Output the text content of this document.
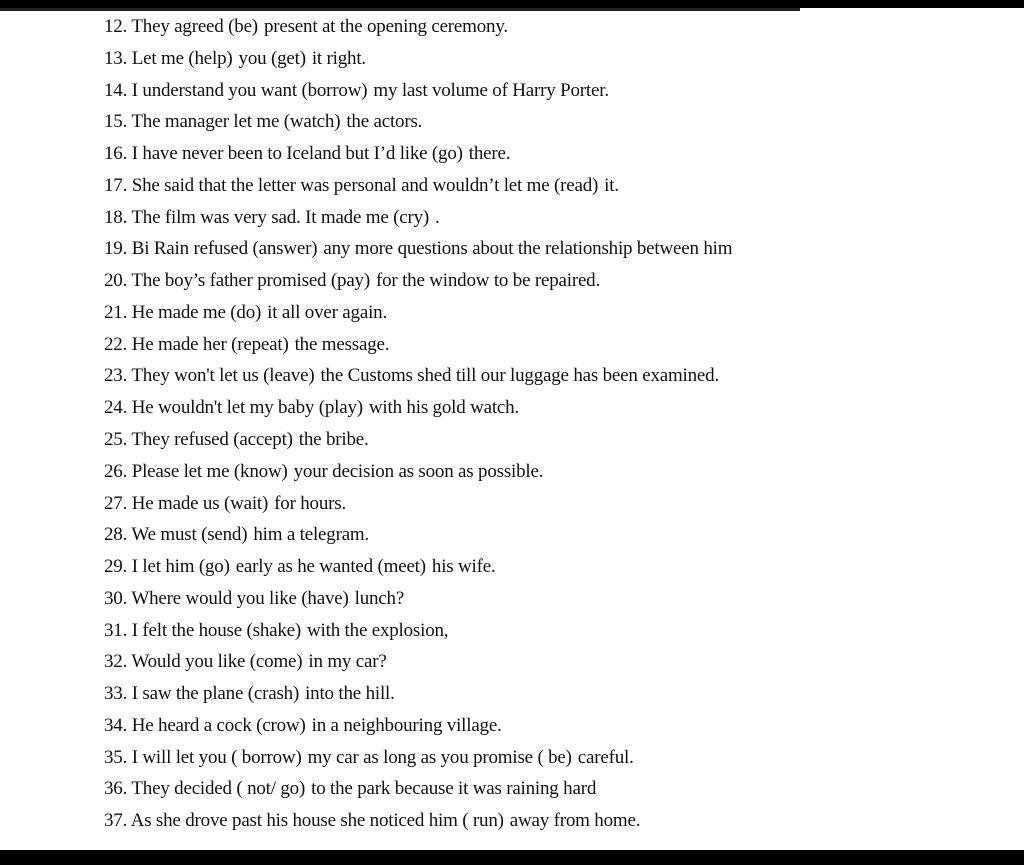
12. They agreed (be) present at the opening ceremony.
13. Let me (help) you (get) it right.
14. I understand you want (borrow) my last volume of Harry Porter.
15. The manager let me (watch) the actors.
16. I have never been to Iceland but I’d like (go) there.
17. She said that the letter was personal and wouldn’t let me (read) it.
18. The film was very sad. It made me (cry) .
19. Bi Rain refused (answer) any more questions about the relationship between him
20. The boy’s father promised (pay) for the window to be repaired.
21. He made me (do) it all over again.
22. He made her (repeat) the message.
23. They won't let us (leave) the Customs shed till our luggage has been examined.
24. He wouldn't let my baby (play) with his gold watch.
25. They refused (accept) the bribe.
26. Please let me (know) your decision as soon as possible.
27. He made us (wait) for hours.
28. We must (send) him a telegram.
29. I let him (go) early as he wanted (meet) his wife.
30. Where would you like (have) lunch?
31. I felt the house (shake) with the explosion,
32. Would you like (come) in my car?
33. I saw the plane (crash) into the hill.
34. He heard a cock (crow) in a neighbouring village.
35. I will let you ( borrow) my car as long as you promise ( be) careful.
36. They decided ( not/ go) to the park because it was raining hard
37. As she drove past his house she noticed him ( run) away from home.
